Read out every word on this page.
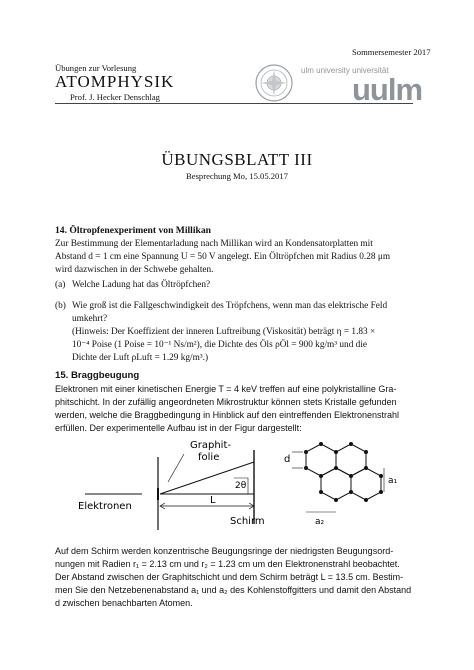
Sommersemester 2017
Übungen zur Vorlesung
ATOMPHYSIK
Prof. J. Hecker Denschlag
ulm university universität
uulm
ÜBUNGSBLATT III
Besprechung Mo, 15.05.2017
14. Öltropfenexperiment von Millikan
Zur Bestimmung der Elementarladung nach Millikan wird an Kondensatorplatten mit
Abstand d = 1 cm eine Spannung U = 50 V angelegt. Ein Öltröpfchen mit Radius 0.28 μm
wird dazwischen in der Schwebe gehalten.
(a) Welche Ladung hat das Öltröpfchen?
(b) Wie groß ist die Fallgeschwindigkeit des Tröpfchens, wenn man das elektrische Feld
umkehrt?
(Hinweis: Der Koeffizient der inneren Luftreibung (Viskosität) beträgt η = 1.83 ×
10⁻⁴ Poise (1 Poise = 10⁻¹ Ns/m²), die Dichte des Öls ρÖl = 900 kg/m³ und die
Dichte der Luft ρLuft = 1.29 kg/m³.)
15. Braggbeugung
Elektronen mit einer kinetischen Energie T = 4 keV treffen auf eine polykristalline Gra-
phitschicht. In der zufällig angeordneten Mikrostruktur können stets Kristalle gefunden
werden, welche die Braggbedingung in Hinblick auf den eintreffenden Elektronenstrahl
erfüllen. Der experimentelle Aufbau ist in der Figur dargestellt:
Graphit-
folie
Elektronen
Schirm
L
2θ
d
a₁
a₂
Auf dem Schirm werden konzentrische Beugungsringe der niedrigsten Beugungsord-
nungen mit Radien r₁ = 2.13 cm und r₂ = 1.23 cm um den Elektronenstrahl beobachtet.
Der Abstand zwischen der Graphitschicht und dem Schirm beträgt L = 13.5 cm. Bestim-
men Sie den Netzebenenabstand a₁ und a₂ des Kohlenstoffgitters und damit den Abstand
d zwischen benachbarten Atomen.
